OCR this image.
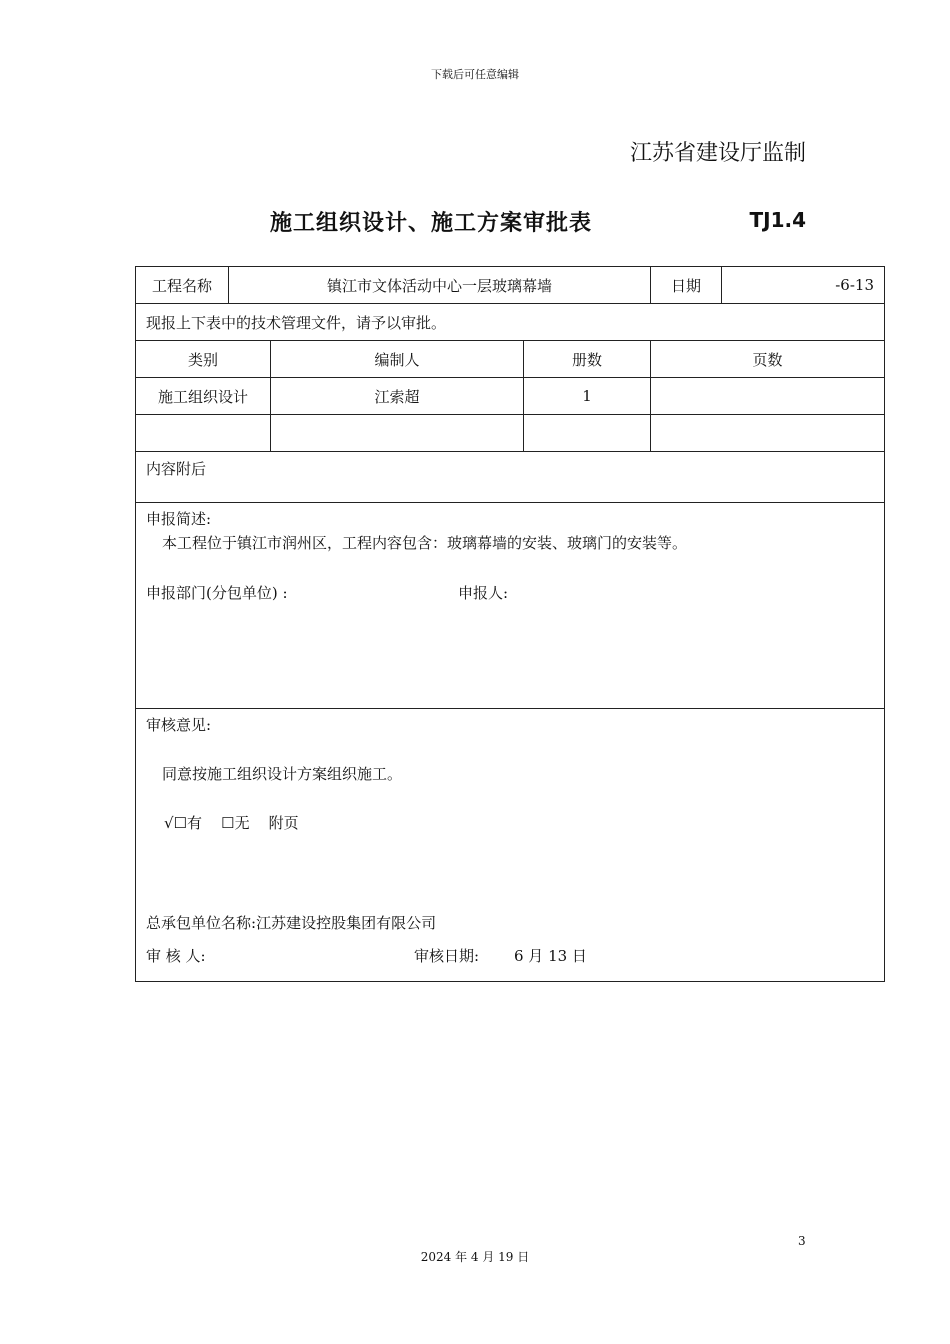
下载后可任意编辑
江苏省建设厅监制
施工组织设计、施工方案审批表	TJ1.4
工程名称	镇江市文体活动中心一层玻璃幕墙	日期	-6-13
现报上下表中的技术管理文件，请予以审批。
类别	编制人	册数	页数
施工组织设计	江索超	1
内容附后
申报简述:
本工程位于镇江市润州区，工程内容包含：玻璃幕墙的安装、玻璃门的安装等。
申报部门(分包单位) :	申报人:
审核意见:
同意按施工组织设计方案组织施工。
√☐有 ☐无 附页
总承包单位名称:江苏建设控股集团有限公司
审 核 人:	审核日期: 6 月 13 日
3
2024 年 4 月 19 日
